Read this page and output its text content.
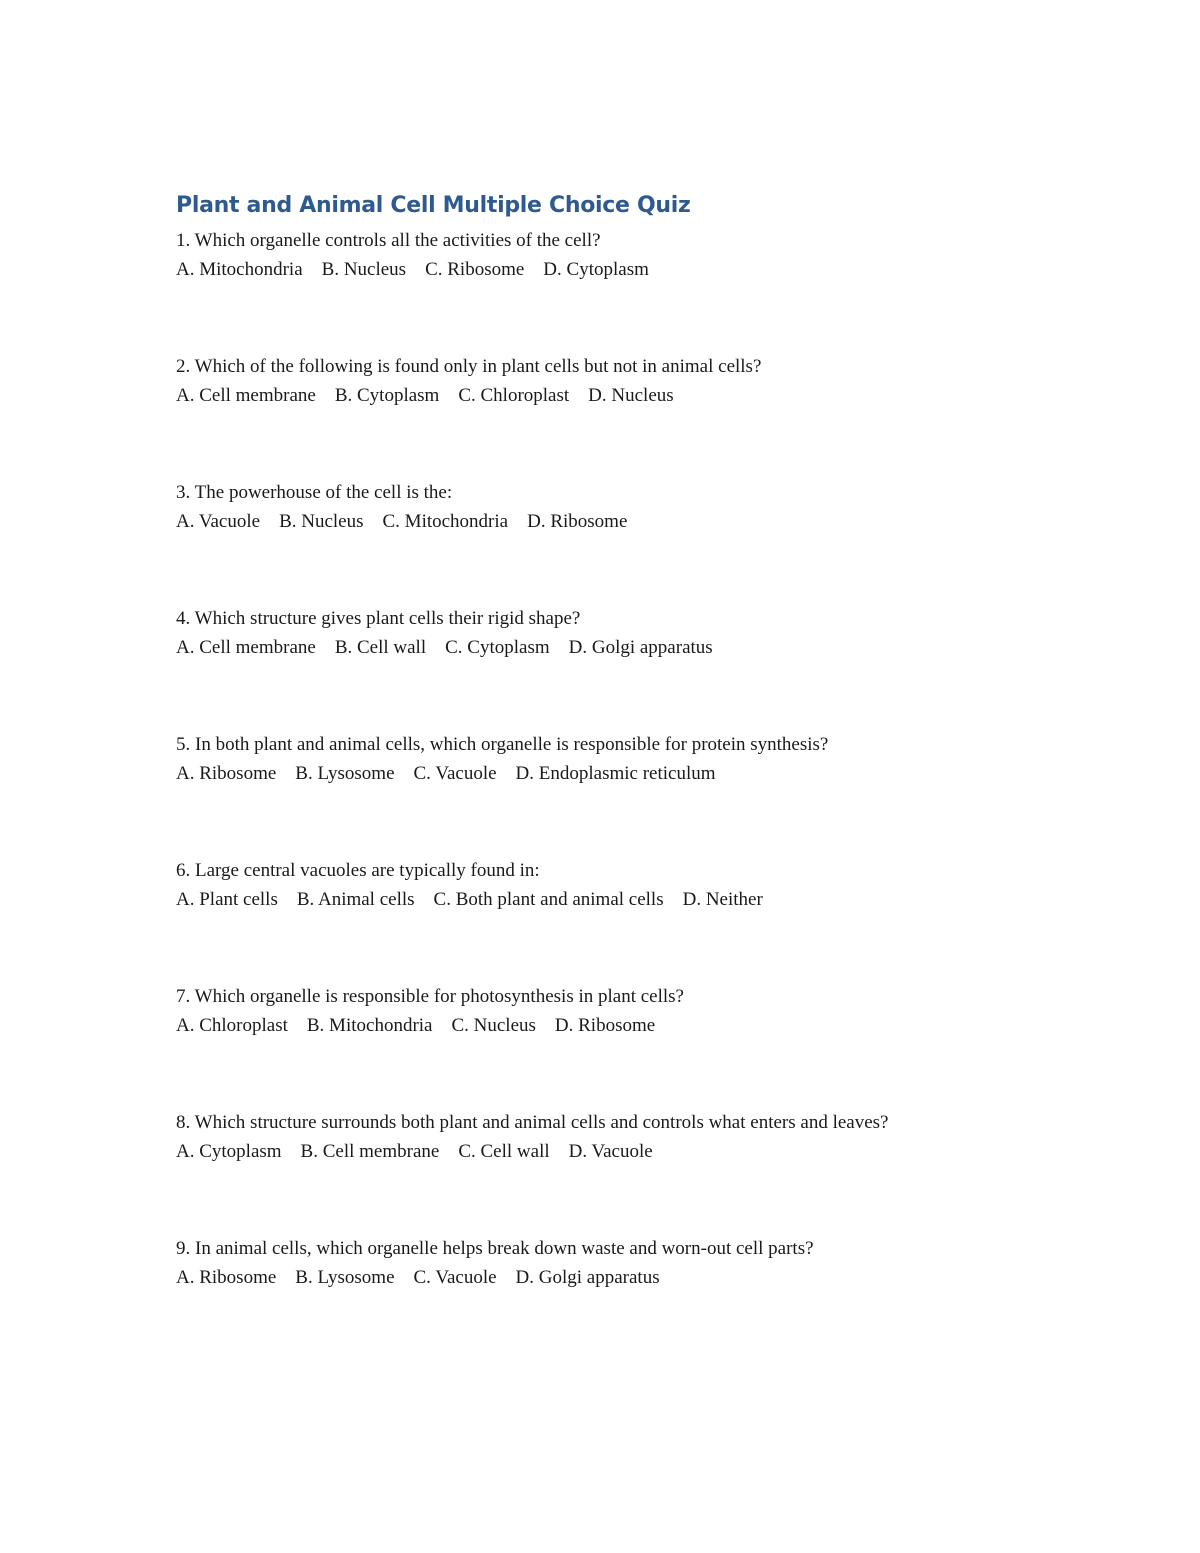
Plant and Animal Cell Multiple Choice Quiz
1. Which organelle controls all the activities of the cell?
A. Mitochondria    B. Nucleus    C. Ribosome    D. Cytoplasm
2. Which of the following is found only in plant cells but not in animal cells?
A. Cell membrane    B. Cytoplasm    C. Chloroplast    D. Nucleus
3. The powerhouse of the cell is the:
A. Vacuole    B. Nucleus    C. Mitochondria    D. Ribosome
4. Which structure gives plant cells their rigid shape?
A. Cell membrane    B. Cell wall    C. Cytoplasm    D. Golgi apparatus
5. In both plant and animal cells, which organelle is responsible for protein synthesis?
A. Ribosome    B. Lysosome    C. Vacuole    D. Endoplasmic reticulum
6. Large central vacuoles are typically found in:
A. Plant cells    B. Animal cells    C. Both plant and animal cells    D. Neither
7. Which organelle is responsible for photosynthesis in plant cells?
A. Chloroplast    B. Mitochondria    C. Nucleus    D. Ribosome
8. Which structure surrounds both plant and animal cells and controls what enters and leaves?
A. Cytoplasm    B. Cell membrane    C. Cell wall    D. Vacuole
9. In animal cells, which organelle helps break down waste and worn-out cell parts?
A. Ribosome    B. Lysosome    C. Vacuole    D. Golgi apparatus
